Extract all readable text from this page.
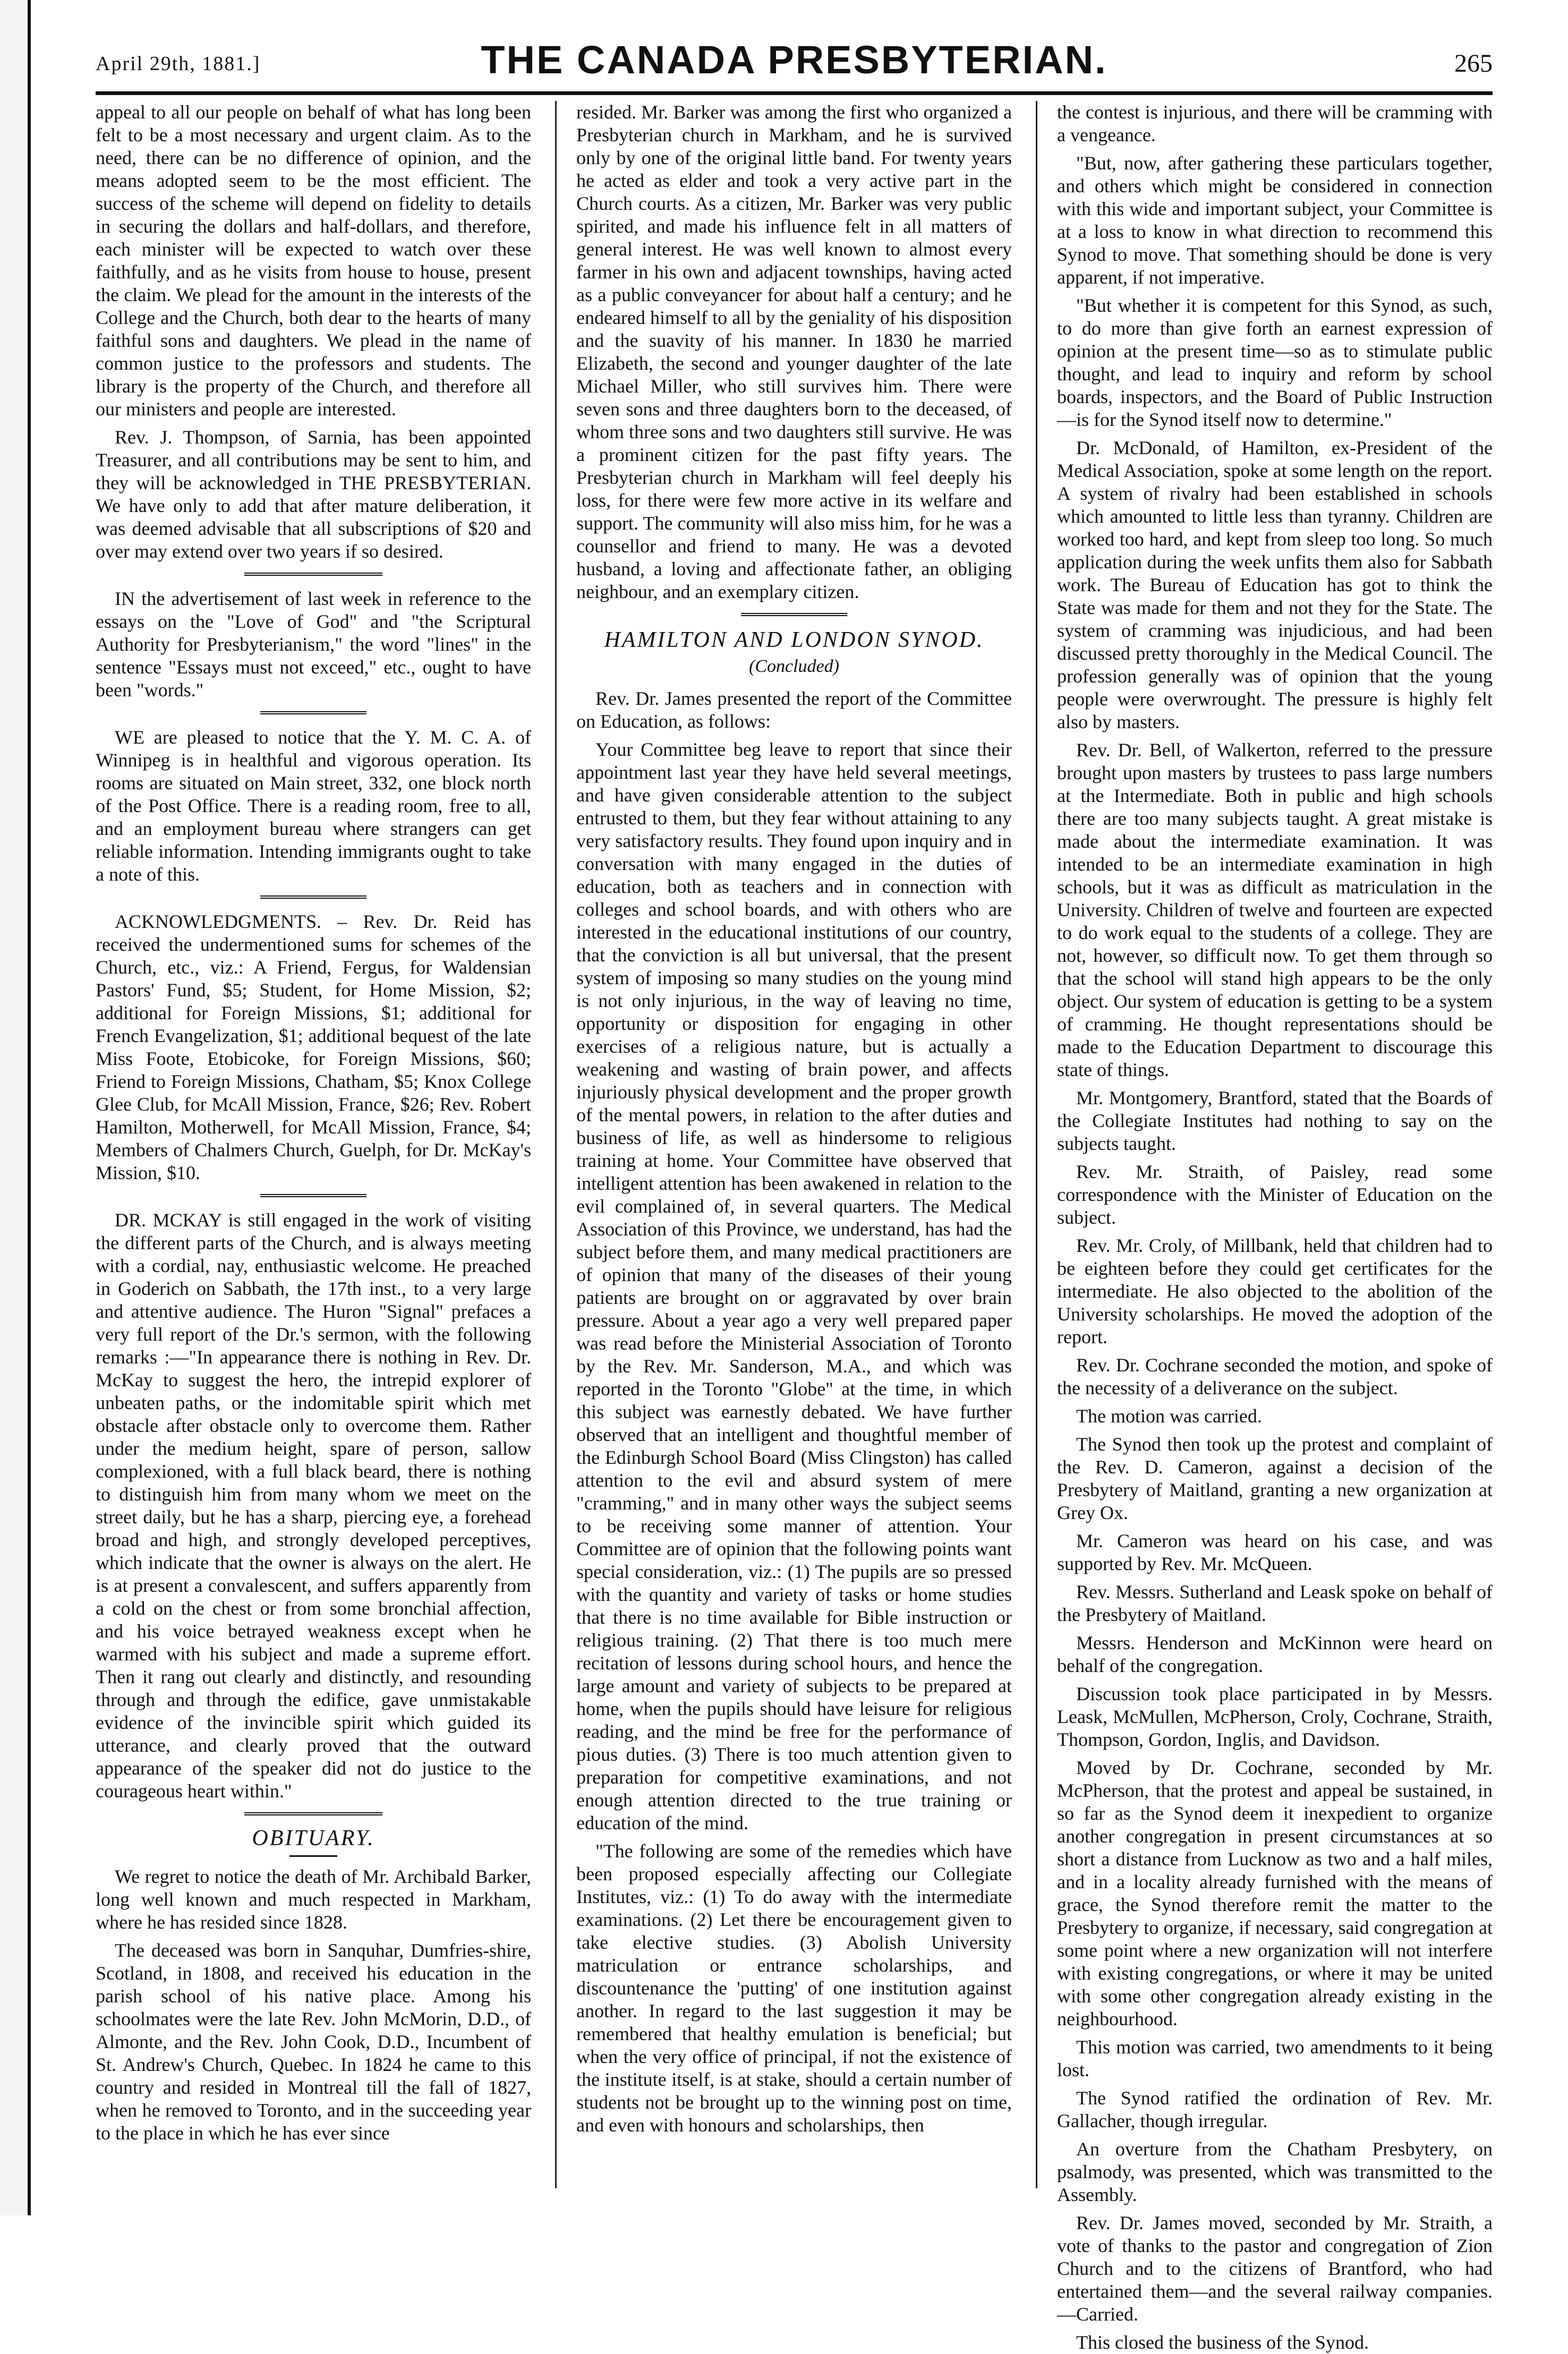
April 29th, 1881.]	THE CANADA PRESBYTERIAN.	265

appeal to all our people on behalf of what has long been felt to be a most necessary and urgent claim. As to the need, there can be no difference of opinion, and the means adopted seem to be the most efficient. The success of the scheme will depend on fidelity to details in securing the dollars and half-dollars, and therefore, each minister will be expected to watch over these faithfully, and as he visits from house to house, present the claim. We plead for the amount in the interests of the College and the Church, both dear to the hearts of many faithful sons and daughters. We plead in the name of common justice to the professors and students. The library is the property of the Church, and therefore all our ministers and people are interested.

Rev. J. Thompson, of Sarnia, has been appointed Treasurer, and all contributions may be sent to him, and they will be acknowledged in THE PRESBYTERIAN. We have only to add that after mature deliberation, it was deemed advisable that all subscriptions of $20 and over may extend over two years if so desired.

IN the advertisement of last week in reference to the essays on the "Love of God" and "the Scriptural Authority for Presbyterianism," the word "lines" in the sentence "Essays must not exceed," etc., ought to have been "words."

WE are pleased to notice that the Y. M. C. A. of Winnipeg is in healthful and vigorous operation. Its rooms are situated on Main street, 332, one block north of the Post Office. There is a reading room, free to all, and an employment bureau where strangers can get reliable information. Intending immigrants ought to take a note of this.

ACKNOWLEDGMENTS. – Rev. Dr. Reid has received the undermentioned sums for schemes of the Church, etc., viz.: A Friend, Fergus, for Waldensian Pastors' Fund, $5; Student, for Home Mission, $2; additional for Foreign Missions, $1; additional for French Evangelization, $1; additional bequest of the late Miss Foote, Etobicoke, for Foreign Missions, $60; Friend to Foreign Missions, Chatham, $5; Knox College Glee Club, for McAll Mission, France, $26; Rev. Robert Hamilton, Motherwell, for McAll Mission, France, $4; Members of Chalmers Church, Guelph, for Dr. McKay's Mission, $10.

DR. MCKAY is still engaged in the work of visiting the different parts of the Church, and is always meeting with a cordial, nay, enthusiastic welcome. He preached in Goderich on Sabbath, the 17th inst., to a very large and attentive audience. The Huron "Signal" prefaces a very full report of the Dr.'s sermon, with the following remarks :—"In appearance there is nothing in Rev. Dr. McKay to suggest the hero, the intrepid explorer of unbeaten paths, or the indomitable spirit which met obstacle after obstacle only to overcome them. Rather under the medium height, spare of person, sallow complexioned, with a full black beard, there is nothing to distinguish him from many whom we meet on the street daily, but he has a sharp, piercing eye, a forehead broad and high, and strongly developed perceptives, which indicate that the owner is always on the alert. He is at present a convalescent, and suffers apparently from a cold on the chest or from some bronchial affection, and his voice betrayed weakness except when he warmed with his subject and made a supreme effort. Then it rang out clearly and distinctly, and resounding through and through the edifice, gave unmistakable evidence of the invincible spirit which guided its utterance, and clearly proved that the outward appearance of the speaker did not do justice to the courageous heart within."

OBITUARY.

We regret to notice the death of Mr. Archibald Barker, long well known and much respected in Markham, where he has resided since 1828.

The deceased was born in Sanquhar, Dumfries-shire, Scotland, in 1808, and received his education in the parish school of his native place. Among his schoolmates were the late Rev. John McMorin, D.D., of Almonte, and the Rev. John Cook, D.D., Incumbent of St. Andrew's Church, Quebec. In 1824 he came to this country and resided in Montreal till the fall of 1827, when he removed to Toronto, and in the succeeding year to the place in which he has ever since

resided. Mr. Barker was among the first who organized a Presbyterian church in Markham, and he is survived only by one of the original little band. For twenty years he acted as elder and took a very active part in the Church courts. As a citizen, Mr. Barker was very public spirited, and made his influence felt in all matters of general interest. He was well known to almost every farmer in his own and adjacent townships, having acted as a public conveyancer for about half a century; and he endeared himself to all by the geniality of his disposition and the suavity of his manner. In 1830 he married Elizabeth, the second and younger daughter of the late Michael Miller, who still survives him. There were seven sons and three daughters born to the deceased, of whom three sons and two daughters still survive. He was a prominent citizen for the past fifty years. The Presbyterian church in Markham will feel deeply his loss, for there were few more active in its welfare and support. The community will also miss him, for he was a counsellor and friend to many. He was a devoted husband, a loving and affectionate father, an obliging neighbour, and an exemplary citizen.

HAMILTON AND LONDON SYNOD.
(Concluded)

Rev. Dr. James presented the report of the Committee on Education, as follows:

Your Committee beg leave to report that since their appointment last year they have held several meetings, and have given considerable attention to the subject entrusted to them, but they fear without attaining to any very satisfactory results. They found upon inquiry and in conversation with many engaged in the duties of education, both as teachers and in connection with colleges and school boards, and with others who are interested in the educational institutions of our country, that the conviction is all but universal, that the present system of imposing so many studies on the young mind is not only injurious, in the way of leaving no time, opportunity or disposition for engaging in other exercises of a religious nature, but is actually a weakening and wasting of brain power, and affects injuriously physical development and the proper growth of the mental powers, in relation to the after duties and business of life, as well as hindersome to religious training at home. Your Committee have observed that intelligent attention has been awakened in relation to the evil complained of, in several quarters. The Medical Association of this Province, we understand, has had the subject before them, and many medical practitioners are of opinion that many of the diseases of their young patients are brought on or aggravated by over brain pressure. About a year ago a very well prepared paper was read before the Ministerial Association of Toronto by the Rev. Mr. Sanderson, M.A., and which was reported in the Toronto "Globe" at the time, in which this subject was earnestly debated. We have further observed that an intelligent and thoughtful member of the Edinburgh School Board (Miss Clingston) has called attention to the evil and absurd system of mere "cramming," and in many other ways the subject seems to be receiving some manner of attention. Your Committee are of opinion that the following points want special consideration, viz.: (1) The pupils are so pressed with the quantity and variety of tasks or home studies that there is no time available for Bible instruction or religious training. (2) That there is too much mere recitation of lessons during school hours, and hence the large amount and variety of subjects to be prepared at home, when the pupils should have leisure for religious reading, and the mind be free for the performance of pious duties. (3) There is too much attention given to preparation for competitive examinations, and not enough attention directed to the true training or education of the mind.

"The following are some of the remedies which have been proposed especially affecting our Collegiate Institutes, viz.: (1) To do away with the intermediate examinations. (2) Let there be encouragement given to take elective studies. (3) Abolish University matriculation or entrance scholarships, and discountenance the 'putting' of one institution against another. In regard to the last suggestion it may be remembered that healthy emulation is beneficial; but when the very office of principal, if not the existence of the institute itself, is at stake, should a certain number of students not be brought up to the winning post on time, and even with honours and scholarships, then

the contest is injurious, and there will be cramming with a vengeance.

"But, now, after gathering these particulars together, and others which might be considered in connection with this wide and important subject, your Committee is at a loss to know in what direction to recommend this Synod to move. That something should be done is very apparent, if not imperative.

"But whether it is competent for this Synod, as such, to do more than give forth an earnest expression of opinion at the present time—so as to stimulate public thought, and lead to inquiry and reform by school boards, inspectors, and the Board of Public Instruction—is for the Synod itself now to determine."

Dr. McDonald, of Hamilton, ex-President of the Medical Association, spoke at some length on the report. A system of rivalry had been established in schools which amounted to little less than tyranny. Children are worked too hard, and kept from sleep too long. So much application during the week unfits them also for Sabbath work. The Bureau of Education has got to think the State was made for them and not they for the State. The system of cramming was injudicious, and had been discussed pretty thoroughly in the Medical Council. The profession generally was of opinion that the young people were overwrought. The pressure is highly felt also by masters.

Rev. Dr. Bell, of Walkerton, referred to the pressure brought upon masters by trustees to pass large numbers at the Intermediate. Both in public and high schools there are too many subjects taught. A great mistake is made about the intermediate examination. It was intended to be an intermediate examination in high schools, but it was as difficult as matriculation in the University. Children of twelve and fourteen are expected to do work equal to the students of a college. They are not, however, so difficult now. To get them through so that the school will stand high appears to be the only object. Our system of education is getting to be a system of cramming. He thought representations should be made to the Education Department to discourage this state of things.

Mr. Montgomery, Brantford, stated that the Boards of the Collegiate Institutes had nothing to say on the subjects taught.

Rev. Mr. Straith, of Paisley, read some correspondence with the Minister of Education on the subject.

Rev. Mr. Croly, of Millbank, held that children had to be eighteen before they could get certificates for the intermediate. He also objected to the abolition of the University scholarships. He moved the adoption of the report.

Rev. Dr. Cochrane seconded the motion, and spoke of the necessity of a deliverance on the subject.

The motion was carried.

The Synod then took up the protest and complaint of the Rev. D. Cameron, against a decision of the Presbytery of Maitland, granting a new organization at Grey Ox.

Mr. Cameron was heard on his case, and was supported by Rev. Mr. McQueen.

Rev. Messrs. Sutherland and Leask spoke on behalf of the Presbytery of Maitland.

Messrs. Henderson and McKinnon were heard on behalf of the congregation.

Discussion took place participated in by Messrs. Leask, McMullen, McPherson, Croly, Cochrane, Straith, Thompson, Gordon, Inglis, and Davidson.

Moved by Dr. Cochrane, seconded by Mr. McPherson, that the protest and appeal be sustained, in so far as the Synod deem it inexpedient to organize another congregation in present circumstances at so short a distance from Lucknow as two and a half miles, and in a locality already furnished with the means of grace, the Synod therefore remit the matter to the Presbytery to organize, if necessary, said congregation at some point where a new organization will not interfere with existing congregations, or where it may be united with some other congregation already existing in the neighbourhood.

This motion was carried, two amendments to it being lost.

The Synod ratified the ordination of Rev. Mr. Gallacher, though irregular.

An overture from the Chatham Presbytery, on psalmody, was presented, which was transmitted to the Assembly.

Rev. Dr. James moved, seconded by Mr. Straith, a vote of thanks to the pastor and congregation of Zion Church and to the citizens of Brantford, who had entertained them—and the several railway companies. —Carried.

This closed the business of the Synod.
